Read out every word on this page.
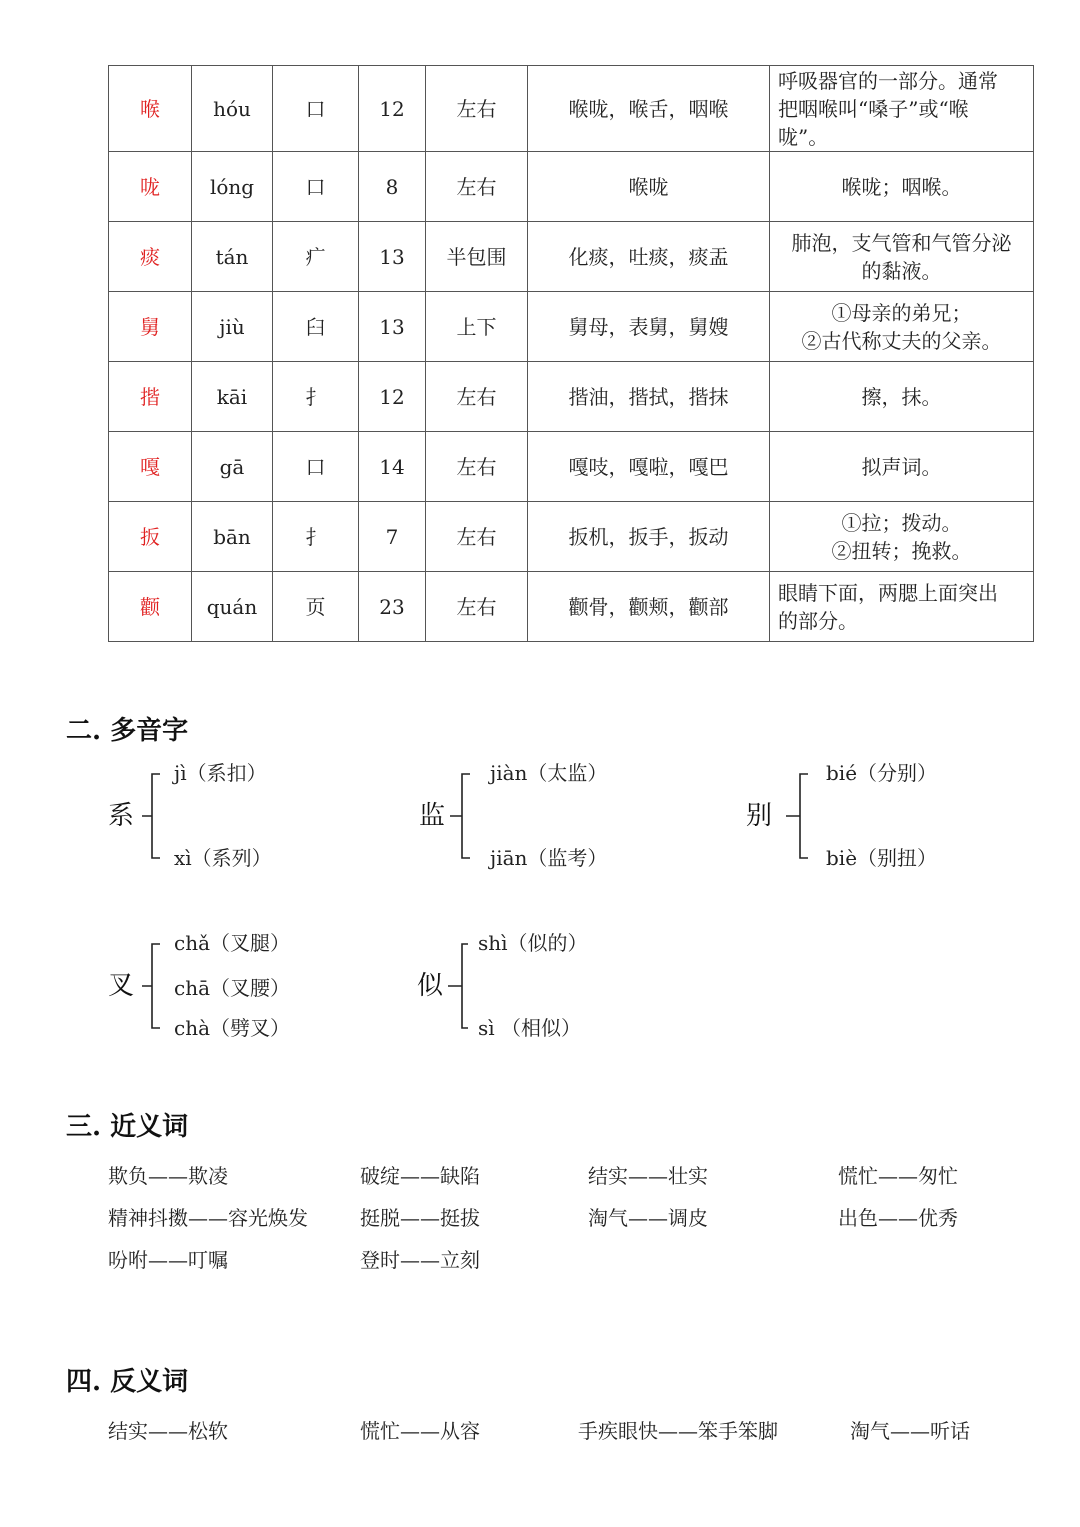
喉	hóu	口	12	左右	喉咙，喉舌，咽喉	呼吸器官的一部分。通常
把咽喉叫“嗓子”或“喉
咙”。

咙	lóng	口	8	左右	喉咙	喉咙；咽喉。

痰	tán	疒	13	半包围	化痰，吐痰，痰盂	肺泡，支气管和气管分泌
的黏液。

舅	jiù	臼	13	上下	舅母，表舅，舅嫂	①母亲的弟兄；
②古代称丈夫的父亲。

揩	kāi	扌	12	左右	揩油，揩拭，揩抹	擦，抹。

嘎	gā	口	14	左右	嘎吱，嘎啦，嘎巴	拟声词。

扳	bān	扌	7	左右	扳机，扳手，扳动	①拉；拨动。
②扭转；挽救。

颧	quán	页	23	左右	颧骨，颧颊，颧部	眼睛下面，两腮上面突出
的部分。
二. 多音字
系
jì（系扣）
xì（系列）
监
jiàn（太监）
jiān（监考）
别
bié（分别）
biè（别扭）
叉
chǎ（叉腿）
chā（叉腰）
chà（劈叉）
似
shì（似的）
sì （相似）
三. 近义词
欺负——欺凌	破绽——缺陷	结实——壮实	慌忙——匆忙
精神抖擞——容光焕发	挺脱——挺拔	淘气——调皮	出色——优秀
吩咐——叮嘱	登时——立刻
四. 反义词
结实——松软	慌忙——从容	手疾眼快——笨手笨脚	淘气——听话
